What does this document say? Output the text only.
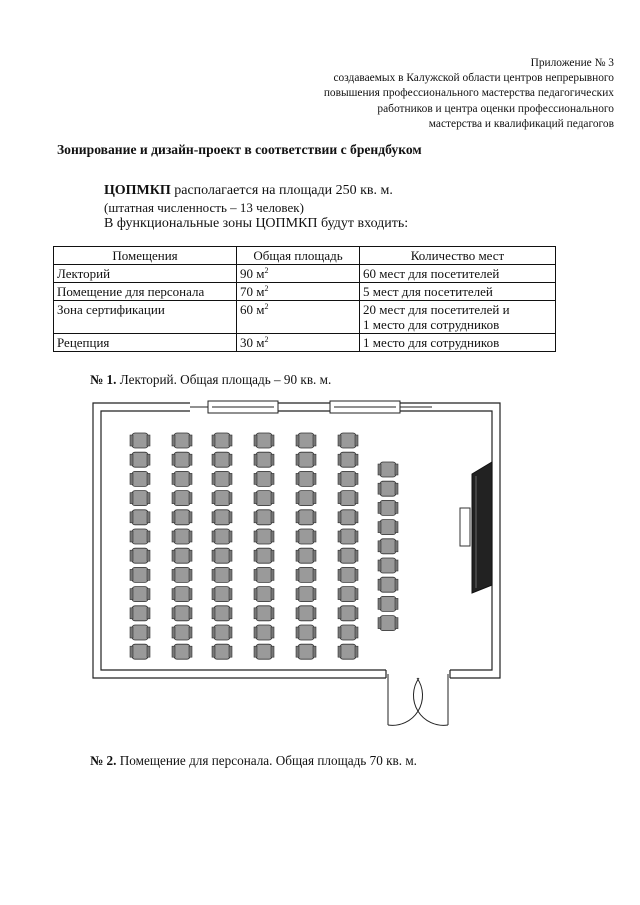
Приложение № 3
создаваемых в Калужской области центров непрерывного
повышения профессионального мастерства педагогических
работников и центра оценки профессионального
мастерства и квалификаций педагогов
Зонирование и дизайн-проект в соответствии с брендбуком
ЦОПМКП располагается на площади 250 кв. м.
(штатная численность – 13 человек)
В функциональные зоны ЦОПМКП будут входить:
Помещения	Общая площадь	Количество мест
Лекторий	90 $м^2$	60 мест для посетителей

Помещение для персонала	70 $м^2$	5 мест для посетителей

Зона сертификации	60 $м^2$	20 мест для посетителей и
1 место для сотрудников

Рецепция	30 $м^2$	1 место для сотрудников
№ 1. Лекторий. Общая площадь – 90 кв. м.
№ 2. Помещение для персонала. Общая площадь 70 кв. м.
